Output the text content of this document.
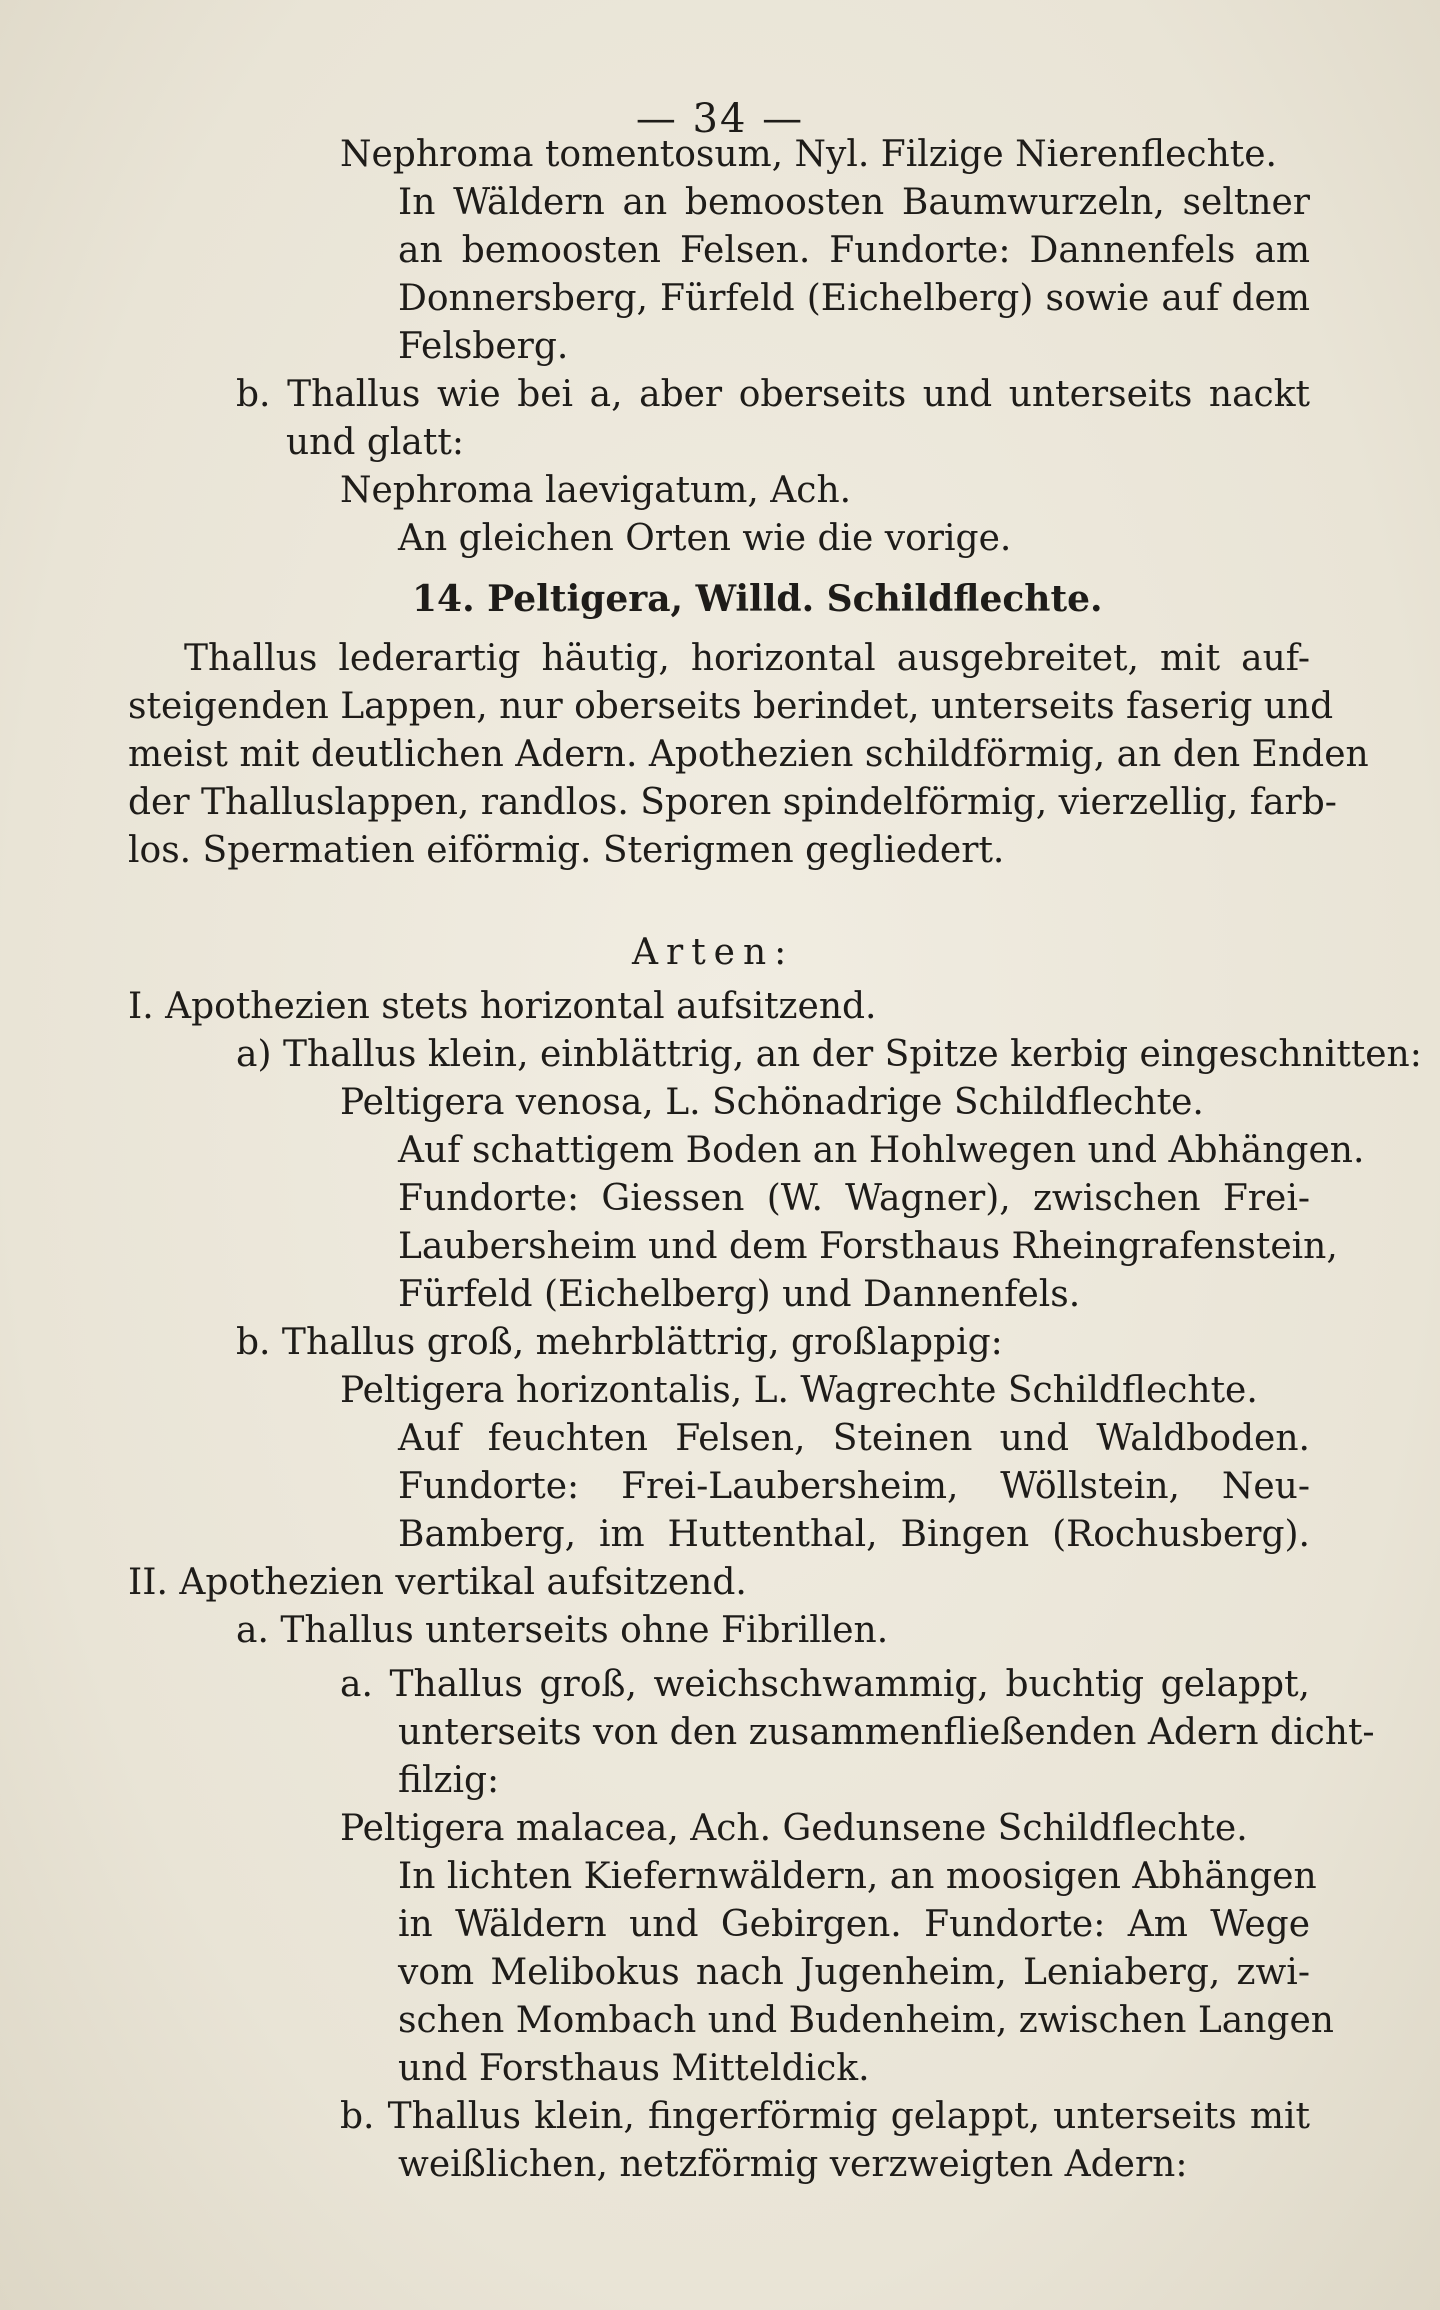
— 34 —
Nephroma tomentosum, Nyl. Filzige Nierenflechte.
In Wäldern an bemoosten Baumwurzeln, seltner
an bemoosten Felsen. Fundorte: Dannenfels am
Donnersberg, Fürfeld (Eichelberg) sowie auf dem
Felsberg.
b. Thallus wie bei a, aber oberseits und unterseits nackt
und glatt:
Nephroma laevigatum, Ach.
An gleichen Orten wie die vorige.
14. Peltigera, Willd. Schildflechte.
Thallus lederartig häutig, horizontal ausgebreitet, mit auf-
steigenden Lappen, nur oberseits berindet, unterseits faserig und
meist mit deutlichen Adern. Apothezien schildförmig, an den Enden
der Thalluslappen, randlos. Sporen spindelförmig, vierzellig, farb-
los. Spermatien eiförmig. Sterigmen gegliedert.
Arten:
I. Apothezien stets horizontal aufsitzend.
a) Thallus klein, einblättrig, an der Spitze kerbig eingeschnitten:
Peltigera venosa, L. Schönadrige Schildflechte.
Auf schattigem Boden an Hohlwegen und Abhängen.
Fundorte: Giessen (W. Wagner), zwischen Frei-
Laubersheim und dem Forsthaus Rheingrafenstein,
Fürfeld (Eichelberg) und Dannenfels.
b. Thallus groß, mehrblättrig, großlappig:
Peltigera horizontalis, L. Wagrechte Schildflechte.
Auf feuchten Felsen, Steinen und Waldboden.
Fundorte: Frei-Laubersheim, Wöllstein, Neu-
Bamberg, im Huttenthal, Bingen (Rochusberg).
II. Apothezien vertikal aufsitzend.
a. Thallus unterseits ohne Fibrillen.
a. Thallus groß, weichschwammig, buchtig gelappt,
unterseits von den zusammenfließenden Adern dicht-
filzig:
Peltigera malacea, Ach. Gedunsene Schildflechte.
In lichten Kiefernwäldern, an moosigen Abhängen
in Wäldern und Gebirgen. Fundorte: Am Wege
vom Melibokus nach Jugenheim, Leniaberg, zwi-
schen Mombach und Budenheim, zwischen Langen
und Forsthaus Mitteldick.
b. Thallus klein, fingerförmig gelappt, unterseits mit
weißlichen, netzförmig verzweigten Adern:
